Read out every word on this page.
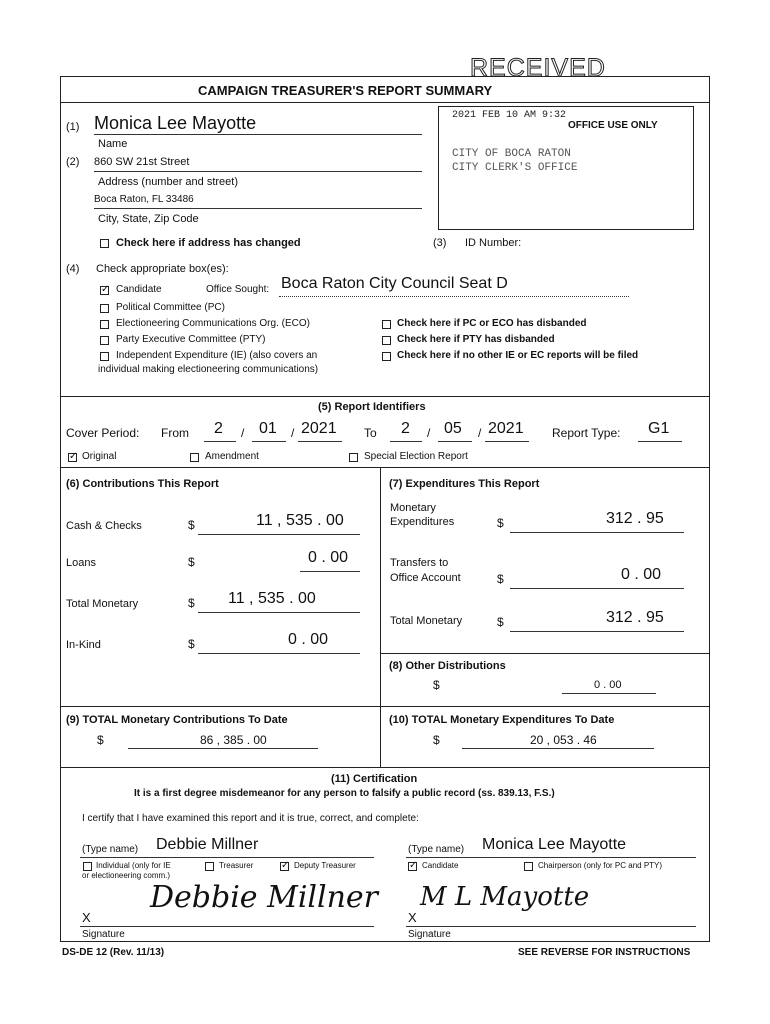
RECEIVED
CAMPAIGN TREASURER'S REPORT SUMMARY
2021 FEB 10 AM 9:32
OFFICE USE ONLY
CITY OF BOCA RATON
CITY CLERK'S OFFICE
(1) Monica Lee Mayotte
Name
(2) 860 SW 21st Street
Address (number and street)
Boca Raton, FL 33486
City, State, Zip Code
Check here if address has changed	(3) ID Number:
(4) Check appropriate box(es):
✓
Candidate	Office Sought: Boca Raton City Council Seat D
Political Committee (PC)
Electioneering Communications Org. (ECO)
Party Executive Committee (PTY)
Independent Expenditure (IE) (also covers an
individual making electioneering communications)
Check here if PC or ECO has disbanded
Check here if PTY has disbanded
Check here if no other IE or EC reports will be filed
(5) Report Identifiers
Cover Period: From 2 / 01 / 2021 To 2 / 05 / 2021 Report Type: G1
✓
Original	Amendment	Special Election Report
(6) Contributions This Report
Cash & Checks	$	11 , 535 . 00
Loans	$	0 . 00
Total Monetary	$ 11 , 535 . 00
In-Kind	$	0 . 00
(7) Expenditures This Report
Monetary
Expenditures	$	312 . 95
Transfers to
Office Account	$	0 . 00
Total Monetary	$	312 . 95
(8) Other Distributions
$	0 . 00
(9) TOTAL Monetary Contributions To Date
$	86 , 385 . 00
(10) TOTAL Monetary Expenditures To Date
$	20 , 053 . 46
(11) Certification
It is a first degree misdemeanor for any person to falsify a public record (ss. 839.13, F.S.)
I certify that I have examined this report and it is true, correct, and complete:
(Type name) Debbie Millner
Individual (only for IE
or electioneering comm.)
Treasurer
✓	Deputy Treasurer
X
Debbie Millner
Signature
(Type name) Monica Lee Mayotte
✓
Candidate	Chairperson (only for PC and PTY)
X
M L Mayotte
Signature
DS-DE 12 (Rev. 11/13)	SEE REVERSE FOR INSTRUCTIONS
